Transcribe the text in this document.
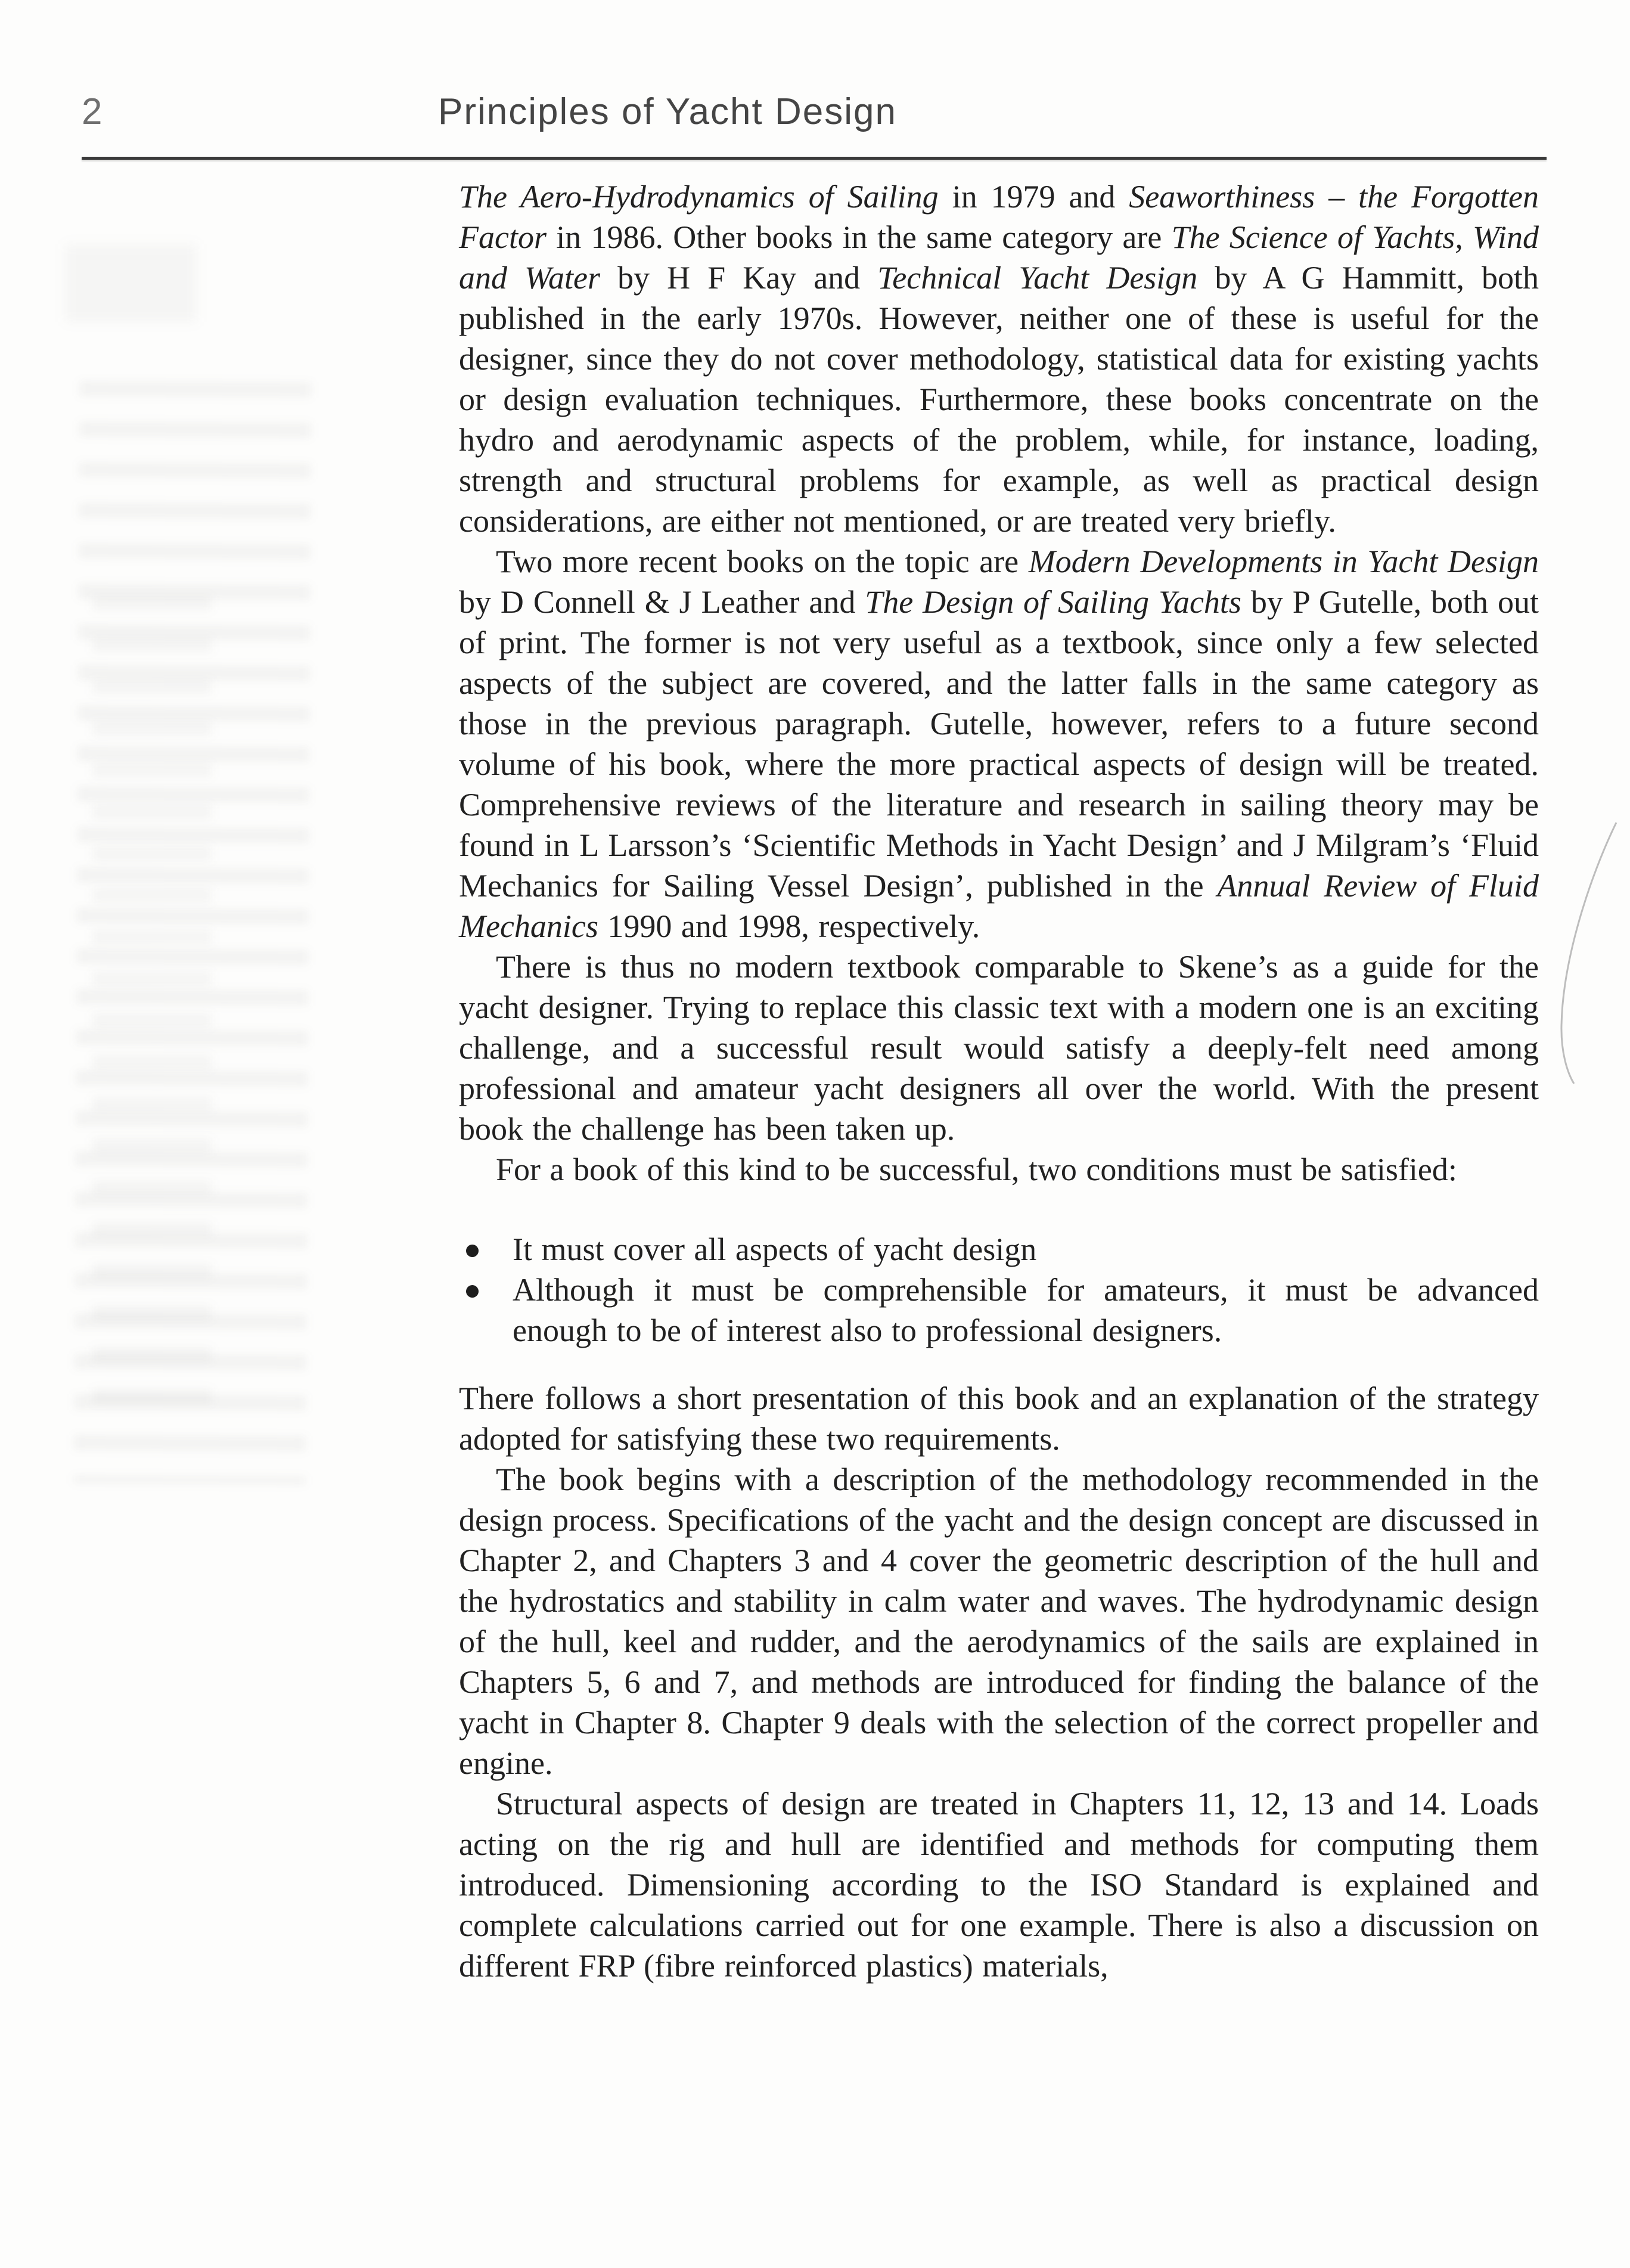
2	Principles of Yacht Design
The Aero-Hydrodynamics of Sailing in 1979 and Seaworthiness – the Forgotten Factor in 1986. Other books in the same category are The Science of Yachts, Wind and Water by H F Kay and Technical Yacht Design by A G Hammitt, both published in the early 1970s. However, neither one of these is useful for the designer, since they do not cover methodology, statistical data for existing yachts or design evaluation techniques. Furthermore, these books concentrate on the hydro and aerodynamic aspects of the problem, while, for instance, loading, strength and structural problems for example, as well as practical design considerations, are either not mentioned, or are treated very briefly.
Two more recent books on the topic are Modern Developments in Yacht Design by D Connell & J Leather and The Design of Sailing Yachts by P Gutelle, both out of print. The former is not very useful as a textbook, since only a few selected aspects of the subject are covered, and the latter falls in the same category as those in the previous paragraph. Gutelle, however, refers to a future second volume of his book, where the more practical aspects of design will be treated. Comprehensive reviews of the literature and research in sailing theory may be found in L Larsson’s ‘Scientific Methods in Yacht Design’ and J Milgram’s ‘Fluid Mechanics for Sailing Vessel Design’, published in the Annual Review of Fluid Mechanics 1990 and 1998, respectively.
There is thus no modern textbook comparable to Skene’s as a guide for the yacht designer. Trying to replace this classic text with a modern one is an exciting challenge, and a successful result would satisfy a deeply-felt need among professional and amateur yacht designers all over the world. With the present book the challenge has been taken up.
For a book of this kind to be successful, two conditions must be satisfied:
It must cover all aspects of yacht design
Although it must be comprehensible for amateurs, it must be advanced enough to be of interest also to professional designers.
There follows a short presentation of this book and an explanation of the strategy adopted for satisfying these two requirements.
The book begins with a description of the methodology recommended in the design process. Specifications of the yacht and the design concept are discussed in Chapter 2, and Chapters 3 and 4 cover the geometric description of the hull and the hydrostatics and stability in calm water and waves. The hydrodynamic design of the hull, keel and rudder, and the aerodynamics of the sails are explained in Chapters 5, 6 and 7, and methods are introduced for finding the balance of the yacht in Chapter 8. Chapter 9 deals with the selection of the correct propeller and engine.
Structural aspects of design are treated in Chapters 11, 12, 13 and 14. Loads acting on the rig and hull are identified and methods for computing them introduced. Dimensioning according to the ISO Standard is explained and complete calculations carried out for one example. There is also a discussion on different FRP (fibre reinforced plastics) materials,
